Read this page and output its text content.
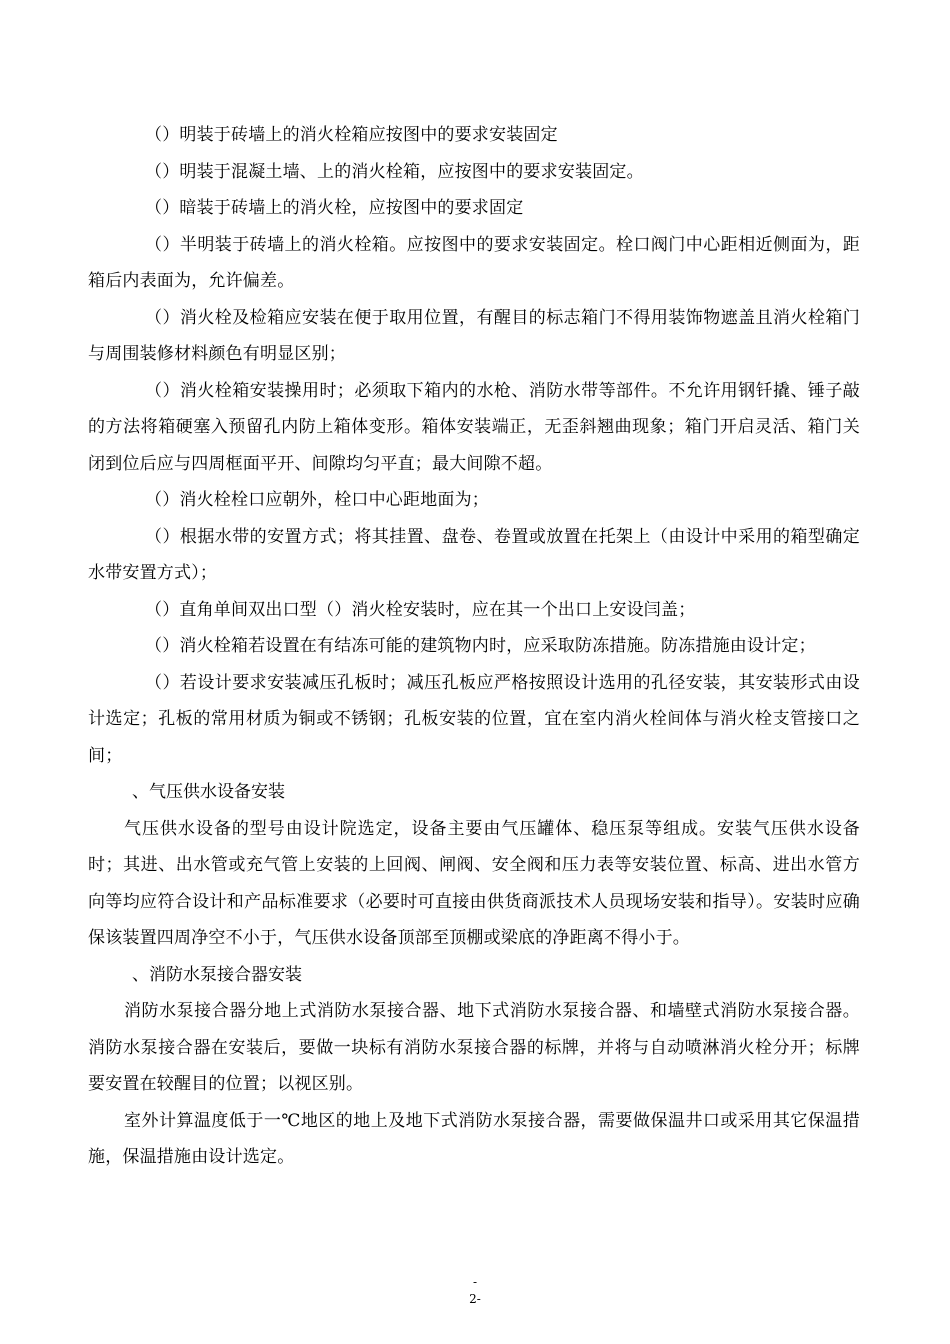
（）明装于砖墙上的消火栓箱应按图中的要求安装固定

（）明装于混凝土墙、上的消火栓箱，应按图中的要求安装固定。

（）暗装于砖墙上的消火栓，应按图中的要求固定

（）半明装于砖墙上的消火栓箱。应按图中的要求安装固定。栓口阀门中心距相近侧面为，距箱后内表面为，允许偏差。

（）消火栓及检箱应安装在便于取用位置，有醒目的标志箱门不得用装饰物遮盖且消火栓箱门与周围装修材料颜色有明显区别；

（）消火栓箱安装操用时；必须取下箱内的水枪、消防水带等部件。不允许用钢钎撬、锤子敲的方法将箱硬塞入预留孔内防上箱体变形。箱体安装端正，无歪斜翘曲现象；箱门开启灵活、箱门关闭到位后应与四周框面平开、间隙均匀平直；最大间隙不超。

（）消火栓栓口应朝外，栓口中心距地面为；

（）根据水带的安置方式；将其挂置、盘卷、卷置或放置在托架上（由设计中采用的箱型确定水带安置方式）；

（）直角单间双出口型（）消火栓安装时，应在其一个出口上安设闫盖；

（）消火栓箱若设置在有结冻可能的建筑物内时，应采取防冻措施。防冻措施由设计定；

（）若设计要求安装减压孔板时；减压孔板应严格按照设计选用的孔径安装，其安装形式由设计选定；孔板的常用材质为铜或不锈钢；孔板安装的位置，宜在室内消火栓间体与消火栓支管接口之间；

、气压供水设备安装

气压供水设备的型号由设计院选定，设备主要由气压罐体、稳压泵等组成。安装气压供水设备时；其进、出水管或充气管上安装的上回阀、闸阀、安全阀和压力表等安装位置、标高、进出水管方向等均应符合设计和产品标准要求（必要时可直接由供货商派技术人员现场安装和指导）。安装时应确保该装置四周净空不小于，气压供水设备顶部至顶棚或梁底的净距离不得小于。

、消防水泵接合器安装

消防水泵接合器分地上式消防水泵接合器、地下式消防水泵接合器、和墙壁式消防水泵接合器。消防水泵接合器在安装后，要做一块标有消防水泵接合器的标牌，并将与自动喷淋消火栓分开；标牌要安置在较醒目的位置；以视区别。

室外计算温度低于一℃地区的地上及地下式消防水泵接合器，需要做保温井口或采用其它保温措施，保温措施由设计选定。

-
2-
